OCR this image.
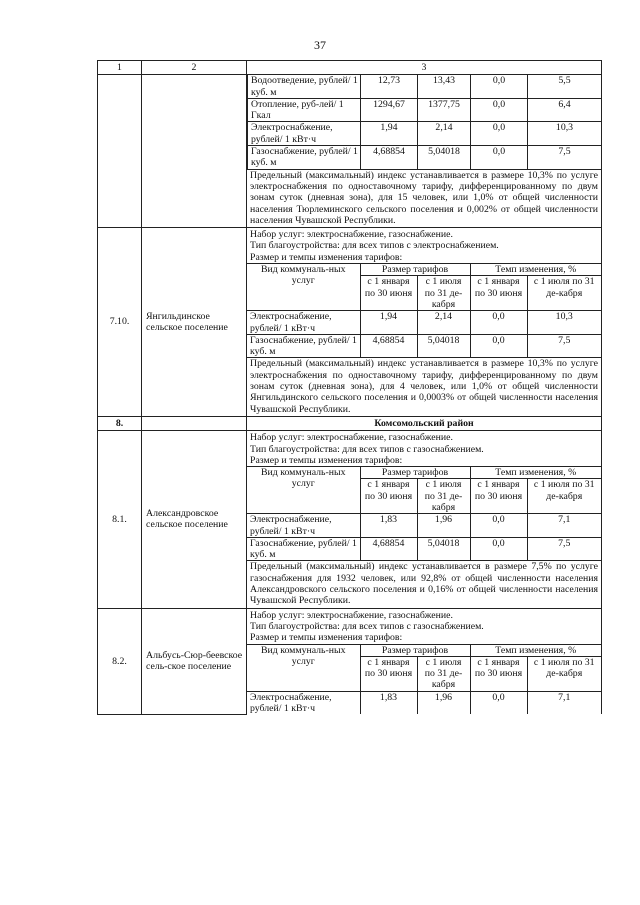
37
1	2	3

Водоотведение, рублей/ 1 куб. м	12,73	13,43	0,0	5,5
Отопление, руб-лей/ 1 Гкал	1294,67	1377,75	0,0	6,4
Электроснабжение, рублей/ 1 кВт·ч	1,94	2,14	0,0	10,3
Газоснабжение, рублей/ 1 куб. м	4,68854	5,04018	0,0	7,5
Предельный (максимальный) индекс устанавливается в размере 10,3% по услуге электроснабжения по одноставочному тарифу, дифференцированному по двум зонам суток (дневная зона), для 15 человек, или 1,0% от общей численности населения Тюрлеминского сельского поселения и 0,002% от общей численности населения Чувашской Республики.

7.10.	Янгильдинское сельское поселение	
Набор услуг: электроснабжение, газоснабжение.
Тип благоустройства: для всех типов с электроснабжением.
Размер и темпы изменения тарифов:
Вид коммуналь-ных услуг	Размер тарифов	Темп изменения, %
с 1 января по 30 июня	с 1 июля по 31 де-кабря	с 1 января по 30 июня	с 1 июля по 31 де-кабря
Электроснабжение, рублей/ 1 кВт·ч	1,94	2,14	0,0	10,3
Газоснабжение, рублей/ 1 куб. м	4,68854	5,04018	0,0	7,5
Предельный (максимальный) индекс устанавливается в размере 10,3% по услуге электроснабжения по одноставочному тарифу, дифференцированному по двум зонам суток (дневная зона), для 4 человек, или 1,0% от общей численности Янгильдинского сельского поселения и 0,0003% от общей численности населения Чувашской Республики.

8.		Комсомольский район
8.1.	Александровское сельское поселение	
Набор услуг: электроснабжение, газоснабжение.
Тип благоустройства: для всех типов с газоснабжением.
Размер и темпы изменения тарифов:
Вид коммуналь-ных услуг	Размер тарифов	Темп изменения, %
с 1 января по 30 июня	с 1 июля по 31 де-кабря	с 1 января по 30 июня	с 1 июля по 31 де-кабря
Электроснабжение, рублей/ 1 кВт·ч	1,83	1,96	0,0	7,1
Газоснабжение, рублей/ 1 куб. м	4,68854	5,04018	0,0	7,5
Предельный (максимальный) индекс устанавливается в размере 7,5% по услуге газоснабжения для 1932 человек, или 92,8% от общей численности населения Александровского сельского поселения и 0,16% от общей численности населения Чувашской Республики.

8.2.	Альбусь-Сюр-беевское сель-ское поселение	
Набор услуг: электроснабжение, газоснабжение.
Тип благоустройства: для всех типов с газоснабжением.
Размер и темпы изменения тарифов:
Вид коммуналь-ных услуг	Размер тарифов	Темп изменения, %
с 1 января по 30 июня	с 1 июля по 31 де-кабря	с 1 января по 30 июня	с 1 июля по 31 де-кабря
Электроснабжение, рублей/ 1 кВт·ч	1,83	1,96	0,0	7,1
